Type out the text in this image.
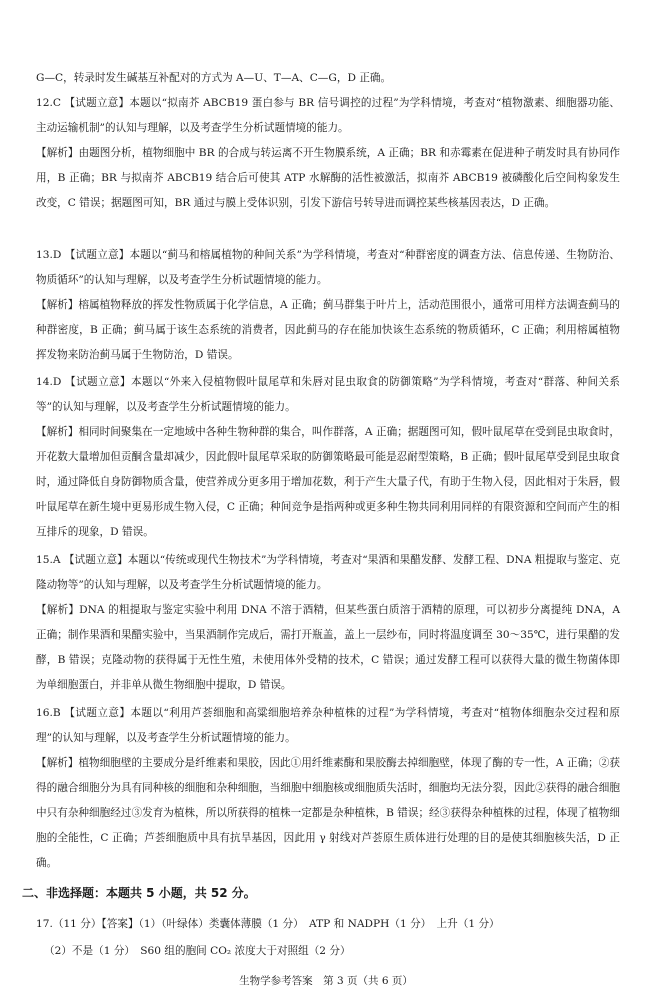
G—C，转录时发生碱基互补配对的方式为 A—U、T—A、C—G，D 正确。
12.C 【试题立意】本题以“拟南芥 ABCB19 蛋白参与 BR 信号调控的过程”为学科情境，考查对“植物激素、细胞器功能、主动运输机制”的认知与理解，以及考查学生分析试题情境的能力。
【解析】由题图分析，植物细胞中 BR 的合成与转运离不开生物膜系统，A 正确；BR 和赤霉素在促进种子萌发时具有协同作用，B 正确；BR 与拟南芥 ABCB19 结合后可使其 ATP 水解酶的活性被激活，拟南芥 ABCB19 被磷酸化后空间构象发生改变，C 错误；据题图可知，BR 通过与膜上受体识别，引发下游信号转导进而调控某些核基因表达，D 正确。
13.D 【试题立意】本题以“蓟马和榕属植物的种间关系”为学科情境，考查对“种群密度的调查方法、信息传递、生物防治、物质循环”的认知与理解，以及考查学生分析试题情境的能力。
【解析】榕属植物释放的挥发性物质属于化学信息，A 正确；蓟马群集于叶片上，活动范围很小，通常可用样方法调查蓟马的种群密度，B 正确；蓟马属于该生态系统的消费者，因此蓟马的存在能加快该生态系统的物质循环，C 正确；利用榕属植物挥发物来防治蓟马属于生物防治，D 错误。
14.D 【试题立意】本题以“外来入侵植物假叶鼠尾草和朱唇对昆虫取食的防御策略”为学科情境，考查对“群落、种间关系等”的认知与理解，以及考查学生分析试题情境的能力。
【解析】相同时间聚集在一定地域中各种生物种群的集合，叫作群落，A 正确；据题图可知，假叶鼠尾草在受到昆虫取食时，开花数大量增加但贡酮含量却减少，因此假叶鼠尾草采取的防御策略最可能是忍耐型策略，B 正确；假叶鼠尾草受到昆虫取食时，通过降低自身防御物质含量，使营养成分更多用于增加花数，利于产生大量子代，有助于生物入侵，因此相对于朱唇，假叶鼠尾草在新生境中更易形成生物入侵，C 正确；种间竞争是指两种或更多种生物共同利用同样的有限资源和空间而产生的相互排斥的现象，D 错误。
15.A 【试题立意】本题以“传统或现代生物技术”为学科情境，考查对“果酒和果醋发酵、发酵工程、DNA 粗提取与鉴定、克隆动物等”的认知与理解，以及考查学生分析试题情境的能力。
【解析】DNA 的粗提取与鉴定实验中利用 DNA 不溶于酒精，但某些蛋白质溶于酒精的原理，可以初步分离提纯 DNA，A 正确；制作果酒和果醋实验中，当果酒制作完成后，需打开瓶盖，盖上一层纱布，同时将温度调至 30～35℃，进行果醋的发酵，B 错误；克隆动物的获得属于无性生殖，未使用体外受精的技术，C 错误；通过发酵工程可以获得大量的微生物菌体即为单细胞蛋白，并非单从微生物细胞中提取，D 错误。
16.B 【试题立意】本题以“利用芦荟细胞和高粱细胞培养杂种植株的过程”为学科情境，考查对“植物体细胞杂交过程和原理”的认知与理解，以及考查学生分析试题情境的能力。
【解析】植物细胞壁的主要成分是纤维素和果胶，因此①用纤维素酶和果胶酶去掉细胞壁，体现了酶的专一性，A 正确；②获得的融合细胞分为具有同种核的细胞和杂种细胞，当细胞中细胞核或细胞质失活时，细胞均无法分裂，因此②获得的融合细胞中只有杂种细胞经过③发育为植株，所以所获得的植株一定都是杂种植株，B 错误；经③获得杂种植株的过程，体现了植物细胞的全能性，C 正确；芦荟细胞质中具有抗旱基因，因此用 γ 射线对芦荟原生质体进行处理的目的是使其细胞核失活，D 正确。
二、非选择题：本题共 5 小题，共 52 分。
17.（11 分）【答案】（1）（叶绿体）类囊体薄膜（1 分）　ATP 和 NADPH（1 分）　上升（1 分）
（2）不是（1 分）　S60 组的胞间 CO₂ 浓度大于对照组（2 分）
生物学参考答案　第 3 页（共 6 页）
